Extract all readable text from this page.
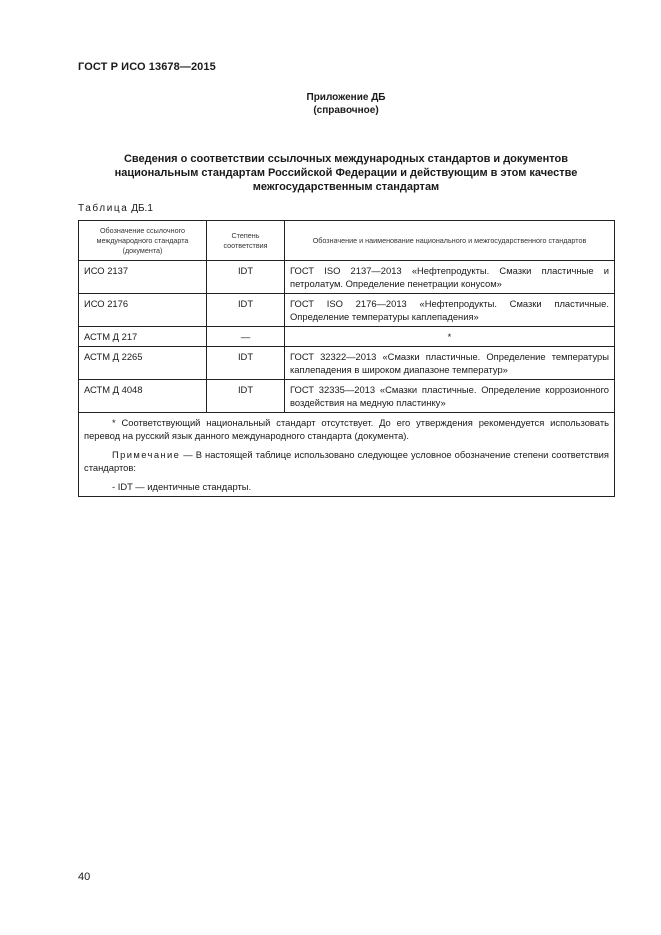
ГОСТ Р ИСО 13678—2015
Приложение ДБ
(справочное)
Сведения о соответствии ссылочных международных стандартов и документов
национальным стандартам Российской Федерации и действующим в этом качестве
межгосударственным стандартам
Таблица ДБ.1
Обозначение ссылочного международного стандарта (документа)	Степень соответствия	Обозначение и наименование национального и межгосударственного стандартов
ИСО 2137	IDT	ГОСТ ISO 2137—2013 «Нефтепродукты. Смазки пластичные и петролатум. Определение пенетрации конусом»
ИСО 2176	IDT	ГОСТ ISO 2176—2013 «Нефтепродукты. Смазки пластичные. Определение температуры каплепадения»
АСТМ Д 217	—	*
АСТМ Д 2265	IDT	ГОСТ 32322—2013 «Смазки пластичные. Определение температуры каплепадения в широком диапазоне температур»
АСТМ Д 4048	IDT	ГОСТ 32335—2013 «Смазки пластичные. Определение коррозионного воздействия на медную пластинку»

* Соответствующий национальный стандарт отсутствует. До его утверждения рекомендуется использовать перевод на русский язык данного международного стандарта (документа).

Примечание — В настоящей таблице использовано следующее условное обозначение степени соответствия стандартов:

- IDT — идентичные стандарты.		

40
